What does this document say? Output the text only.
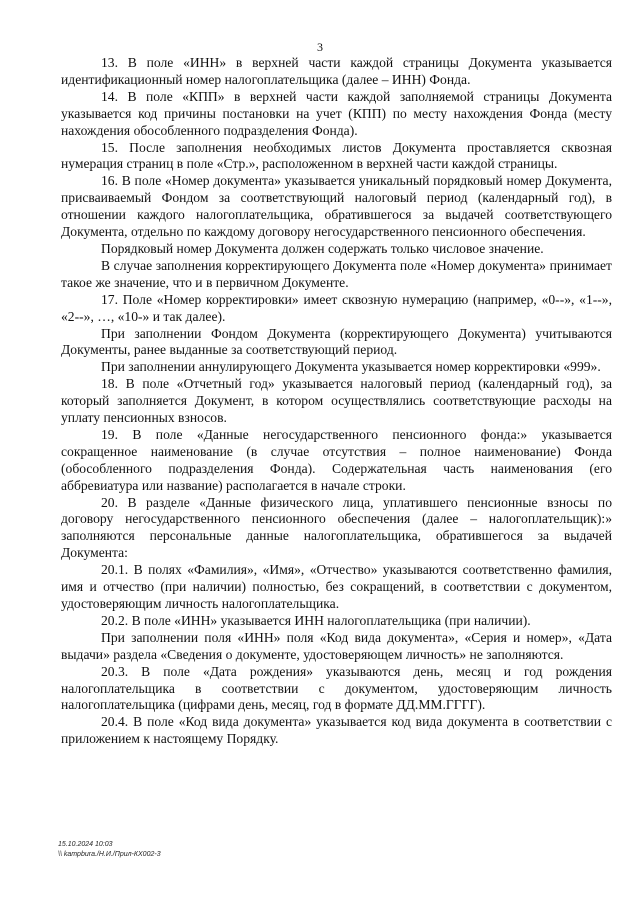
3

13. В поле «ИНН» в верхней части каждой страницы Документа указывается идентификационный номер налогоплательщика (далее – ИНН) Фонда.

14. В поле «КПП» в верхней части каждой заполняемой страницы Документа указывается код причины постановки на учет (КПП) по месту нахождения Фонда (месту нахождения обособленного подразделения Фонда).

15. После заполнения необходимых листов Документа проставляется сквозная нумерация страниц в поле «Стр.», расположенном в верхней части каждой страницы.

16. В поле «Номер документа» указывается уникальный порядковый номер Документа, присваиваемый Фондом за соответствующий налоговый период (календарный год), в отношении каждого налогоплательщика, обратившегося за выдачей соответствующего Документа, отдельно по каждому договору негосударственного пенсионного обеспечения.

Порядковый номер Документа должен содержать только числовое значение.

В случае заполнения корректирующего Документа поле «Номер документа» принимает такое же значение, что и в первичном Документе.

17. Поле «Номер корректировки» имеет сквозную нумерацию (например, «0--», «1--», «2--», …, «10-» и так далее).

При заполнении Фондом Документа (корректирующего Документа) учитываются Документы, ранее выданные за соответствующий период.

При заполнении аннулирующего Документа указывается номер корректировки «999».

18. В поле «Отчетный год» указывается налоговый период (календарный год), за который заполняется Документ, в котором осуществлялись соответствующие расходы на уплату пенсионных взносов.

19. В поле «Данные негосударственного пенсионного фонда:» указывается сокращенное наименование (в случае отсутствия – полное наименование) Фонда (обособленного подразделения Фонда). Содержательная часть наименования (его аббревиатура или название) располагается в начале строки.

20. В разделе «Данные физического лица, уплатившего пенсионные взносы по договору негосударственного пенсионного обеспечения (далее – налогоплательщик):» заполняются персональные данные налогоплательщика, обратившегося за выдачей Документа:

20.1. В полях «Фамилия», «Имя», «Отчество» указываются соответственно фамилия, имя и отчество (при наличии) полностью, без сокращений, в соответствии с документом, удостоверяющим личность налогоплательщика.

20.2. В поле «ИНН» указывается ИНН налогоплательщика (при наличии).

При заполнении поля «ИНН» поля «Код вида документа», «Серия и номер», «Дата выдачи» раздела «Сведения о документе, удостоверяющем личность» не заполняются.

20.3. В поле «Дата рождения» указываются день, месяц и год рождения налогоплательщика в соответствии с документом, удостоверяющим личность налогоплательщика (цифрами день, месяц, год в формате ДД.ММ.ГГГГ).

20.4. В поле «Код вида документа» указывается код вида документа в соответствии с приложением к настоящему Порядку.

15.10.2024 10:03
\\ kampbura./Н.И./Прил-КХ002-3
